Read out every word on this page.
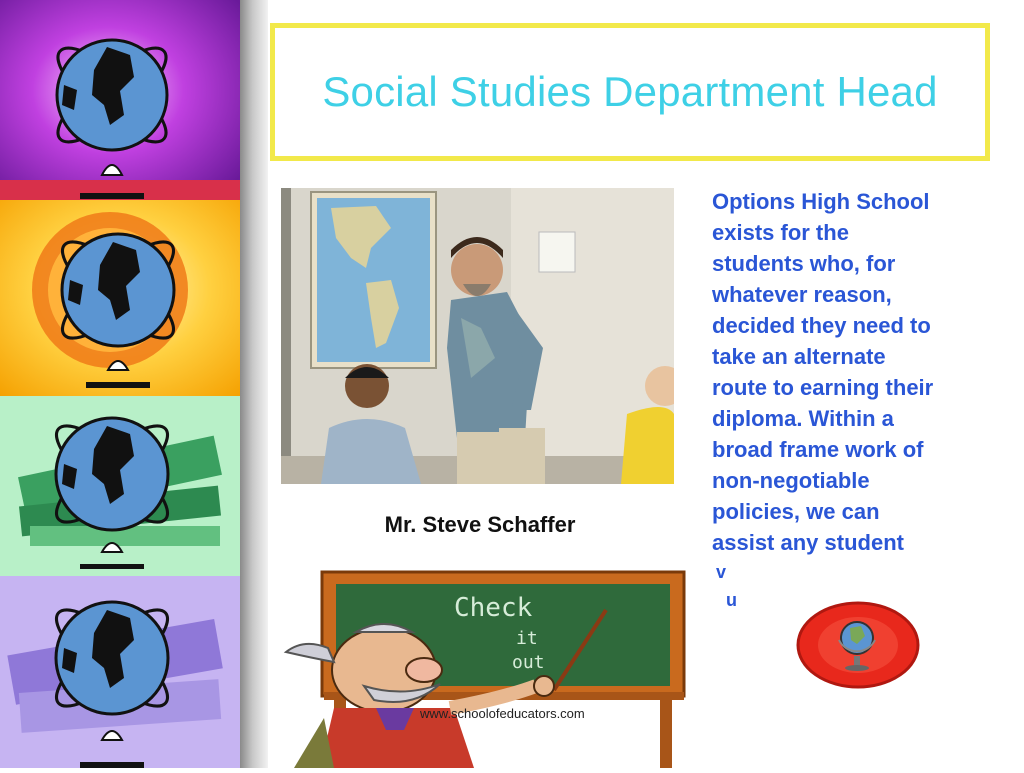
Social Studies Department Head
Mr. Steve Schaffer
Options High School
exists for the
students who, for
whatever reason,
decided they need to
take an alternate
route to earning their
diploma. Within a
broad frame work of
non-negotiable
policies, we can
assist any student
v
u
Check
it
out
www.schoolofeducators.com
